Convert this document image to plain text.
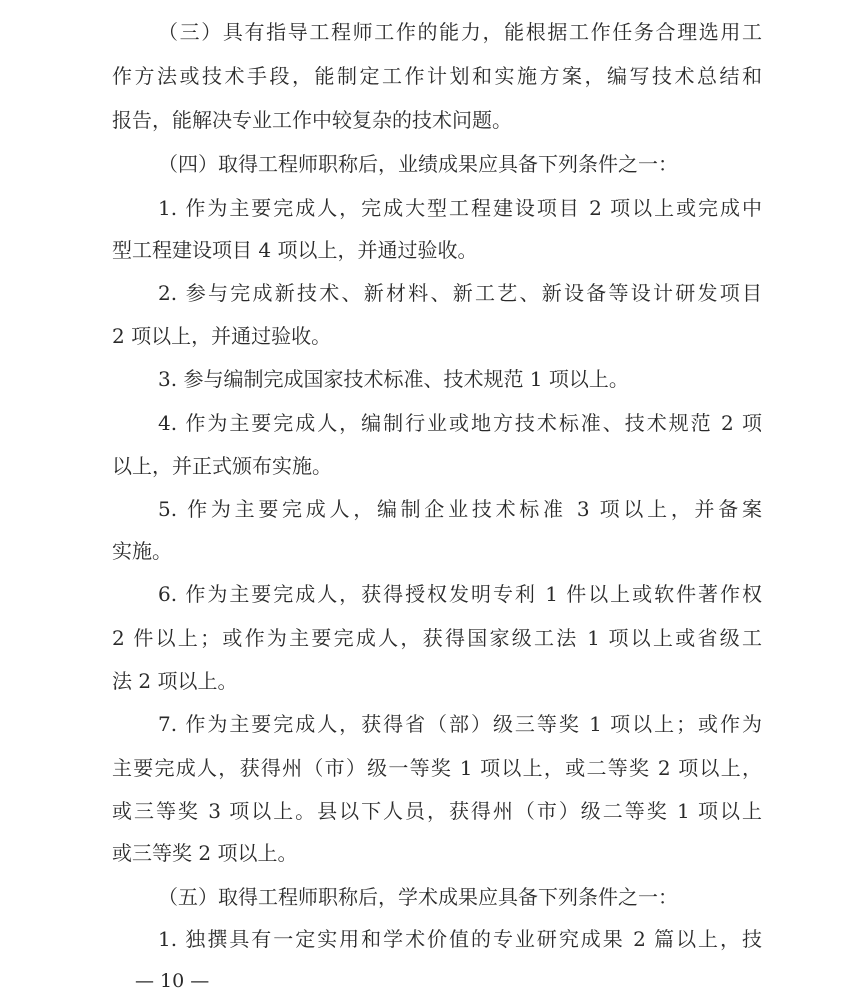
（三）具有指导工程师工作的能力，能根据工作任务合理选用工
作方法或技术手段，能制定工作计划和实施方案，编写技术总结和
报告，能解决专业工作中较复杂的技术问题。
（四）取得工程师职称后，业绩成果应具备下列条件之一：
1. 作为主要完成人，完成大型工程建设项目 2 项以上或完成中
型工程建设项目 4 项以上，并通过验收。
2. 参与完成新技术、新材料、新工艺、新设备等设计研发项目
2 项以上，并通过验收。
3. 参与编制完成国家技术标准、技术规范 1 项以上。
4. 作为主要完成人，编制行业或地方技术标准、技术规范 2 项
以上，并正式颁布实施。
5. 作为主要完成人，编制企业技术标准 3 项以上，并备案
实施。
6. 作为主要完成人，获得授权发明专利 1 件以上或软件著作权
2 件以上；或作为主要完成人，获得国家级工法 1 项以上或省级工
法 2 项以上。
7. 作为主要完成人，获得省（部）级三等奖 1 项以上；或作为
主要完成人，获得州（市）级一等奖 1 项以上，或二等奖 2 项以上，
或三等奖 3 项以上。县以下人员，获得州（市）级二等奖 1 项以上
或三等奖 2 项以上。
（五）取得工程师职称后，学术成果应具备下列条件之一：
1. 独撰具有一定实用和学术价值的专业研究成果 2 篇以上，技
— 10 —
